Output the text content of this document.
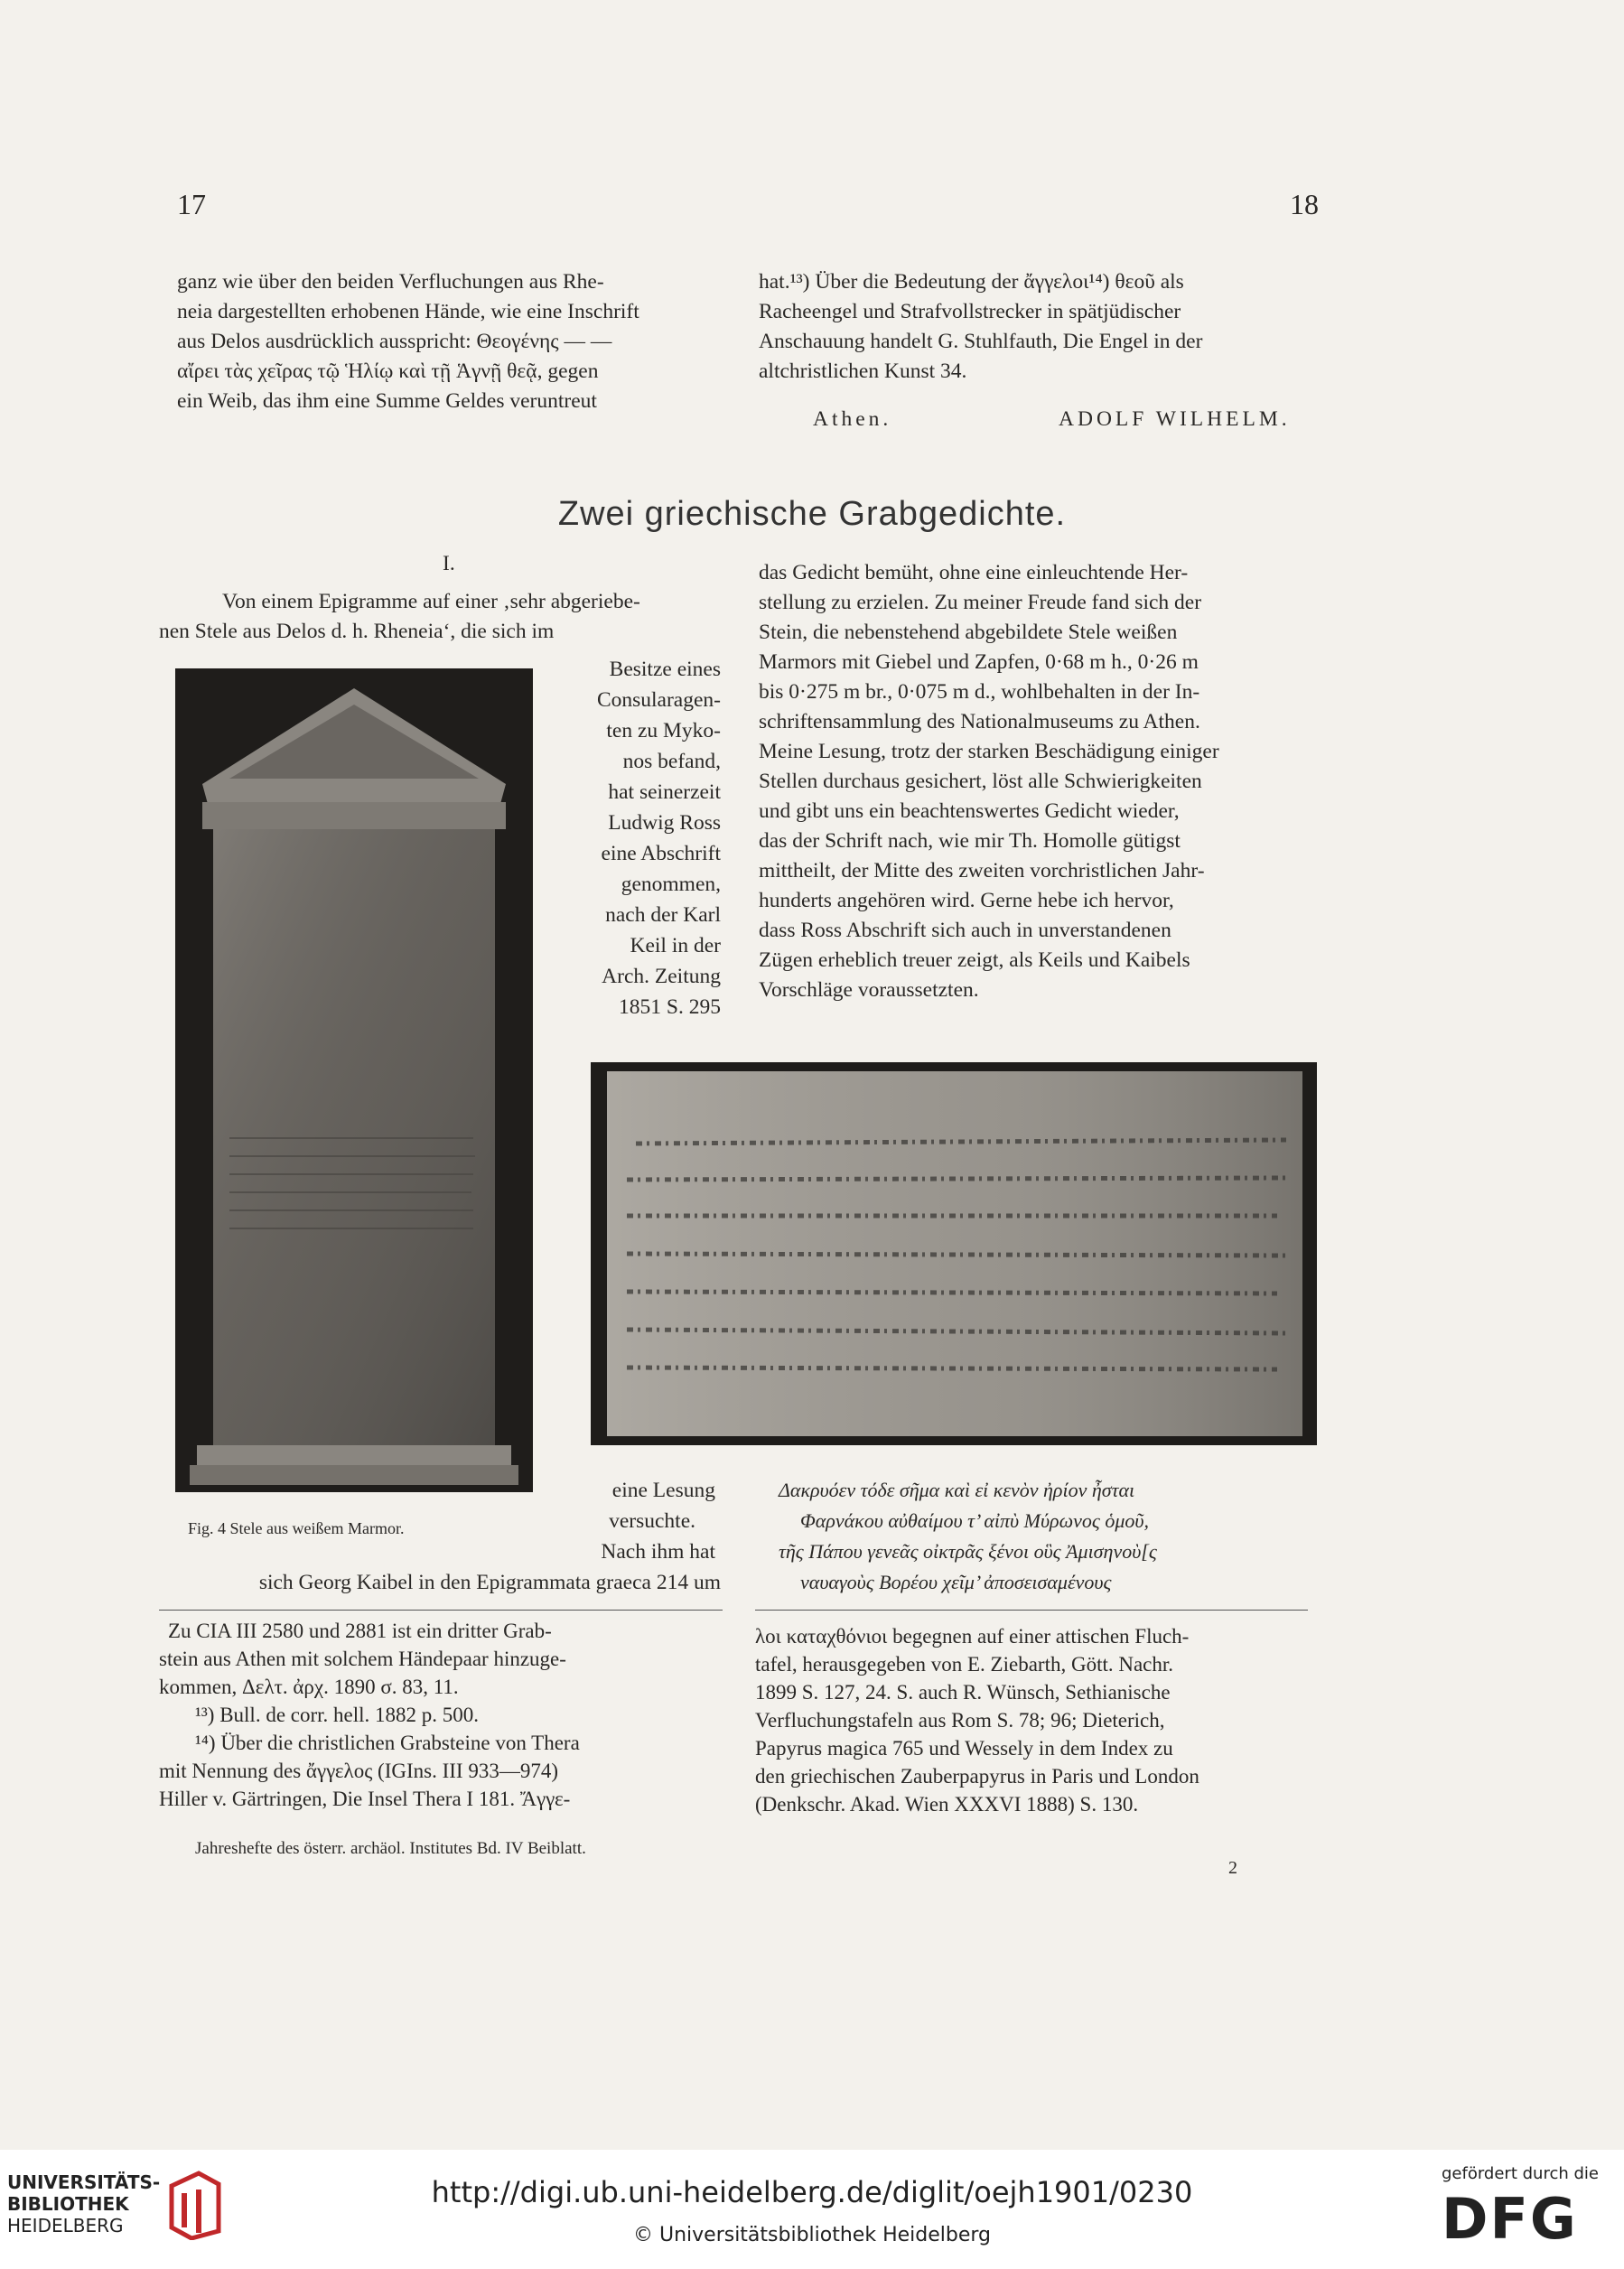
17	18

ganz wie über den beiden Verfluchungen aus Rhe-

neia dargestellten erhobenen Hände, wie eine Inschrift

aus Delos ausdrücklich ausspricht: Θεογένης — —

αἴρει τὰς χεῖρας τῷ Ἡλίῳ καὶ τῇ Ἁγνῇ θεᾷ, gegen

ein Weib, das ihm eine Summe Geldes veruntreut

hat.¹³) Über die Bedeutung der ἄγγελοι¹⁴) θεοῦ als

Racheengel und Strafvollstrecker in spätjüdischer

Anschauung handelt G. Stuhlfauth, Die Engel in der

altchristlichen Kunst 34.

Athen.	ADOLF WILHELM.
Zwei griechische Grabgedichte.
I.

Von einem Epigramme auf einer ‚sehr abgeriebe-

nen Stele aus Delos d. h. Rheneia‘, die sich im

Fig. 4 Stele aus weißem Marmor.
Besitze eines
Consularagen-
ten zu Myko-
nos befand,
hat seinerzeit
Ludwig Ross
eine Abschrift
genommen,
nach der Karl
Keil in der
Arch. Zeitung
1851 S. 295
eine Lesung
versuchte.
Nach ihm hat
sich Georg Kaibel in den Epigrammata graeca 214 um

das Gedicht bemüht, ohne eine einleuchtende Her-

stellung zu erzielen. Zu meiner Freude fand sich der

Stein, die nebenstehend abgebildete Stele weißen

Marmors mit Giebel und Zapfen, 0·68 m h., 0·26 m

bis 0·275 m br., 0·075 m d., wohlbehalten in der In-

schriftensammlung des Nationalmuseums zu Athen.

Meine Lesung, trotz der starken Beschädigung einiger

Stellen durchaus gesichert, löst alle Schwierigkeiten

und gibt uns ein beachtenswertes Gedicht wieder,

das der Schrift nach, wie mir Th. Homolle gütigst

mittheilt, der Mitte des zweiten vorchristlichen Jahr-

hunderts angehören wird. Gerne hebe ich hervor,

dass Ross Abschrift sich auch in unverstandenen

Zügen erheblich treuer zeigt, als Keils und Kaibels

Vorschläge voraussetzten.

Δακρυόεν τόδε σῆμα καὶ εἰ κενὸν ἠρίον ἦσται
Φαρνάκου αὐθαίμου τ’ αἰπὺ Μύρωνος ὁμοῦ,
τῆς Πάπου γενεᾶς οἰκτρᾶς ξένοι οὓς Ἀμισηνοὺ[ς
ναυαγοὺς Βορέου χεῖμ’ ἀποσεισαμένους

Zu CIA III 2580 und 2881 ist ein dritter Grab-

stein aus Athen mit solchem Händepaar hinzuge-

kommen, Δελτ. ἀρχ. 1890 σ. 83, 11.

¹³) Bull. de corr. hell. 1882 p. 500.

¹⁴) Über die christlichen Grabsteine von Thera

mit Nennung des ἄγγελος (IGIns. III 933—974)

Hiller v. Gärtringen, Die Insel Thera I 181. Ἄγγε-

Jahreshefte des österr. archäol. Institutes Bd. IV Beiblatt.

λοι καταχθόνιοι begegnen auf einer attischen Fluch-

tafel, herausgegeben von E. Ziebarth, Gött. Nachr.

1899 S. 127, 24. S. auch R. Wünsch, Sethianische

Verfluchungstafeln aus Rom S. 78; 96; Dieterich,

Papyrus magica 765 und Wessely in dem Index zu

den griechischen Zauberpapyrus in Paris und London

(Denkschr. Akad. Wien XXXVI 1888) S. 130.

2
UNIVERSITÄTS-
BIBLIOTHEK
HEIDELBERG
http://digi.ub.uni-heidelberg.de/diglit/oejh1901/0230
© Universitätsbibliothek Heidelberg
gefördert durch die
DFG
